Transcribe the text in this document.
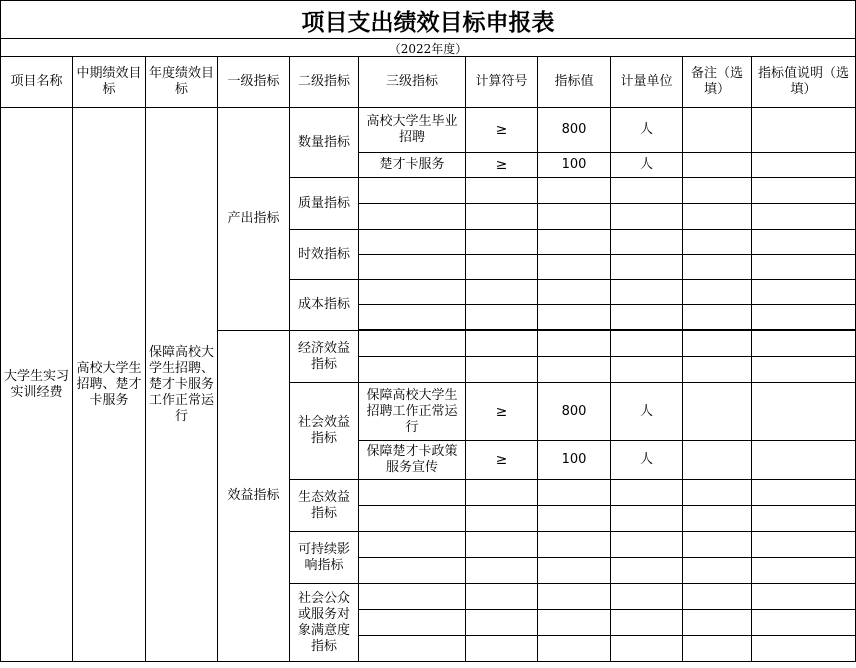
项目支出绩效目标申报表
（2022年度）
项目名称	中期绩效目标	年度绩效目标	一级指标	二级指标	三级指标	计算符号	指标值	计量单位	备注（选填）	指标值说明（选填）
大学生实习实训经费	高校大学生招聘、楚才卡服务	保障高校大学生招聘、楚才卡服务工作正常运行	产出指标	数量指标	高校大学生毕业招聘	≥	800	人		
					楚才卡服务	≥	100	人		
				质量指标						

				时效指标						

				成本指标						

			效益指标	经济效益指标						

				社会效益指标	保障高校大学生招聘工作正常运行	≥	800	人		
					保障楚才卡政策服务宣传	≥	100	人		
				生态效益指标						

				可持续影响指标						

				社会公众或服务对象满意度指标						
